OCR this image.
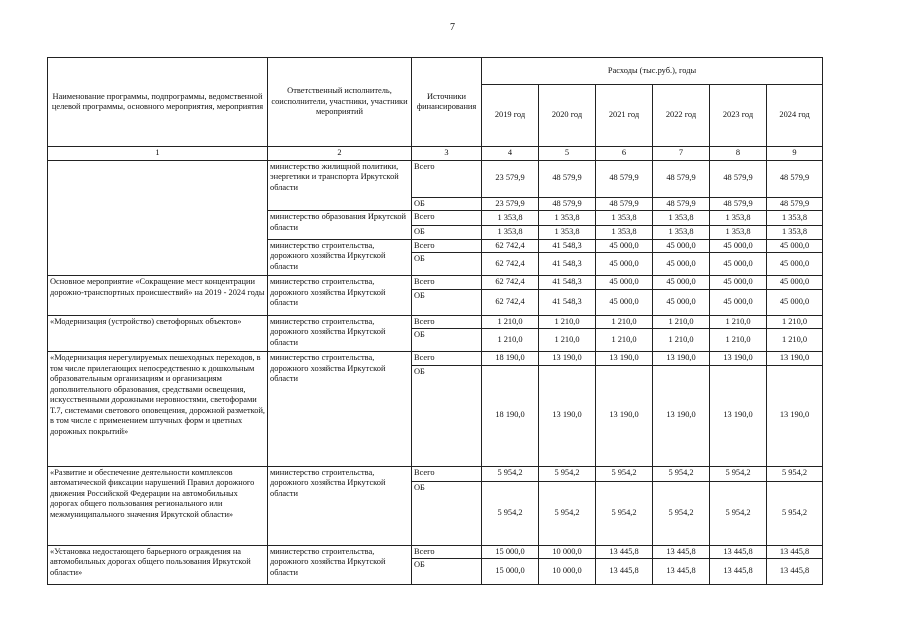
7
Наименование программы, подпрограммы, ведомственной целевой программы, основного мероприятия, мероприятия	Ответственный исполнитель, соисполнители, участники, участники мероприятий	Источники финансирования	Расходы (тыс.руб.), годы					
			2019 год	2020 год	2021 год	2022 год	2023 год	2024 год
1	2	3	4	5	6	7	8	9
	министерство жилищной политики, энергетики и транспорта Иркутской области	Всего	23 579,9	48 579,9	48 579,9	48 579,9	48 579,9	48 579,9
		ОБ	23 579,9	48 579,9	48 579,9	48 579,9	48 579,9	48 579,9
	министерство образования Иркутской области	Всего	1 353,8	1 353,8	1 353,8	1 353,8	1 353,8	1 353,8
		ОБ	1 353,8	1 353,8	1 353,8	1 353,8	1 353,8	1 353,8
	министерство строительства, дорожного хозяйства Иркутской области	Всего	62 742,4	41 548,3	45 000,0	45 000,0	45 000,0	45 000,0
		ОБ	62 742,4	41 548,3	45 000,0	45 000,0	45 000,0	45 000,0
Основное мероприятие «Сокращение мест концентрации дорожно-транспортных происшествий» на 2019 - 2024 годы	министерство строительства, дорожного хозяйства Иркутской области	Всего	62 742,4	41 548,3	45 000,0	45 000,0	45 000,0	45 000,0
		ОБ	62 742,4	41 548,3	45 000,0	45 000,0	45 000,0	45 000,0
«Модернизация (устройство) светофорных объектов»	министерство строительства, дорожного хозяйства Иркутской области	Всего	1 210,0	1 210,0	1 210,0	1 210,0	1 210,0	1 210,0
		ОБ	1 210,0	1 210,0	1 210,0	1 210,0	1 210,0	1 210,0
«Модернизация нерегулируемых пешеходных переходов, в том числе прилегающих непосредственно к дошкольным образовательным организациям и организациям дополнительного образования, средствами освещения, искусственными дорожными неровностями, светофорами Т.7, системами светового оповещения, дорожной разметкой, в том числе с применением штучных форм и цветных дорожных покрытий»	министерство строительства, дорожного хозяйства Иркутской области	Всего	18 190,0	13 190,0	13 190,0	13 190,0	13 190,0	13 190,0
		ОБ	18 190,0	13 190,0	13 190,0	13 190,0	13 190,0	13 190,0
«Развитие и обеспечение деятельности комплексов автоматической фиксации нарушений Правил дорожного движения Российской Федерации на автомобильных дорогах общего пользования регионального или межмуниципального значения Иркутской области»	министерство строительства, дорожного хозяйства Иркутской области	Всего	5 954,2	5 954,2	5 954,2	5 954,2	5 954,2	5 954,2
		ОБ	5 954,2	5 954,2	5 954,2	5 954,2	5 954,2	5 954,2
«Установка недостающего барьерного ограждения на автомобильных дорогах общего пользования Иркутской области»	министерство строительства, дорожного хозяйства Иркутской области	Всего	15 000,0	10 000,0	13 445,8	13 445,8	13 445,8	13 445,8
		ОБ	15 000,0	10 000,0	13 445,8	13 445,8	13 445,8	13 445,8
